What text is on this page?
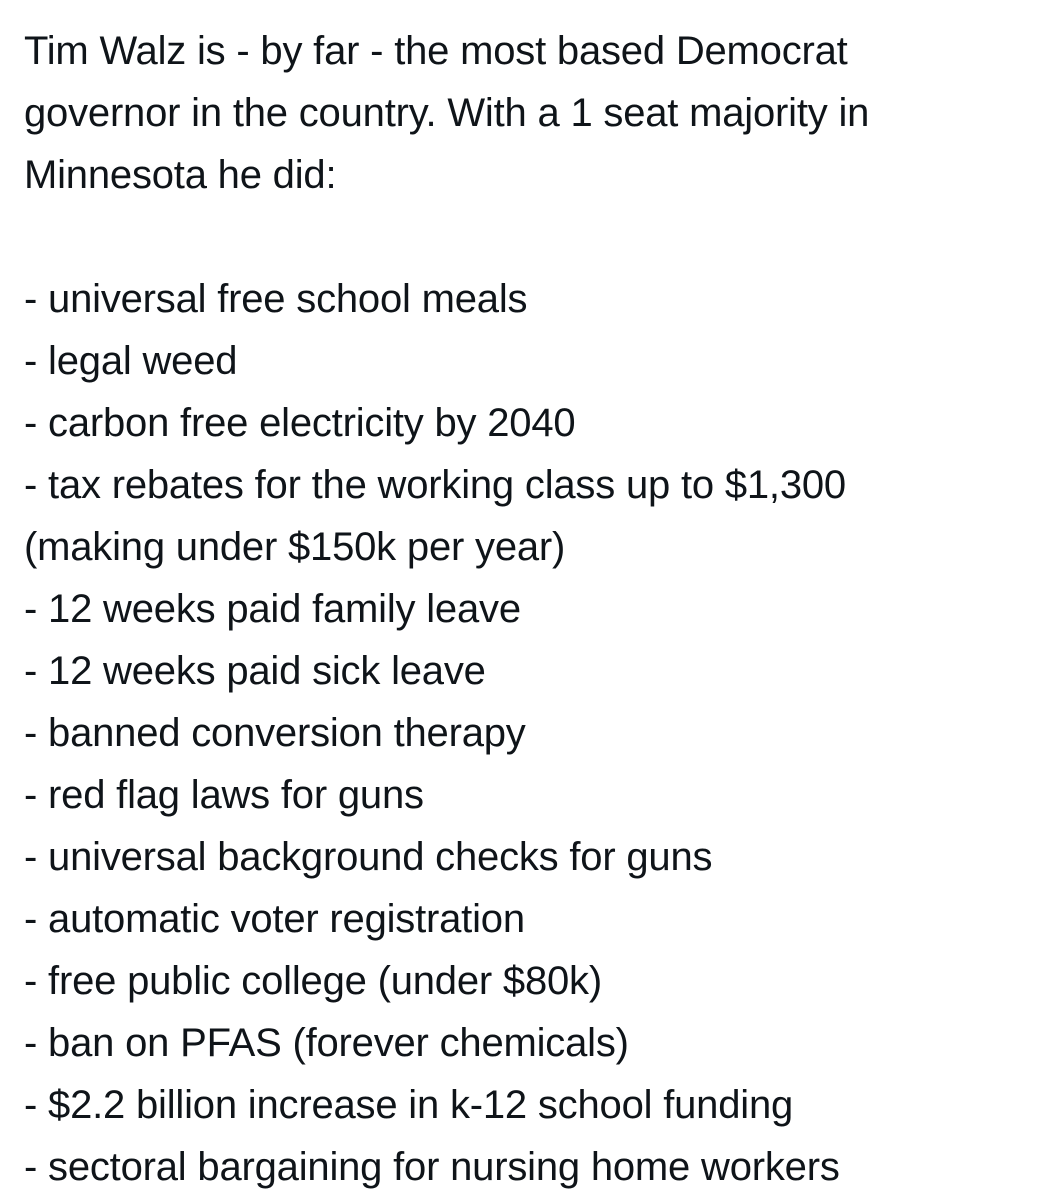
Tim Walz is - by far - the most based Democrat
governor in the country. With a 1 seat majority in
Minnesota he did:
- universal free school meals
- legal weed
- carbon free electricity by 2040
- tax rebates for the working class up to $1,300
(making under $150k per year)
- 12 weeks paid family leave
- 12 weeks paid sick leave
- banned conversion therapy
- red flag laws for guns
- universal background checks for guns
- automatic voter registration
- free public college (under $80k)
- ban on PFAS (forever chemicals)
- $2.2 billion increase in k-12 school funding
- sectoral bargaining for nursing home workers
